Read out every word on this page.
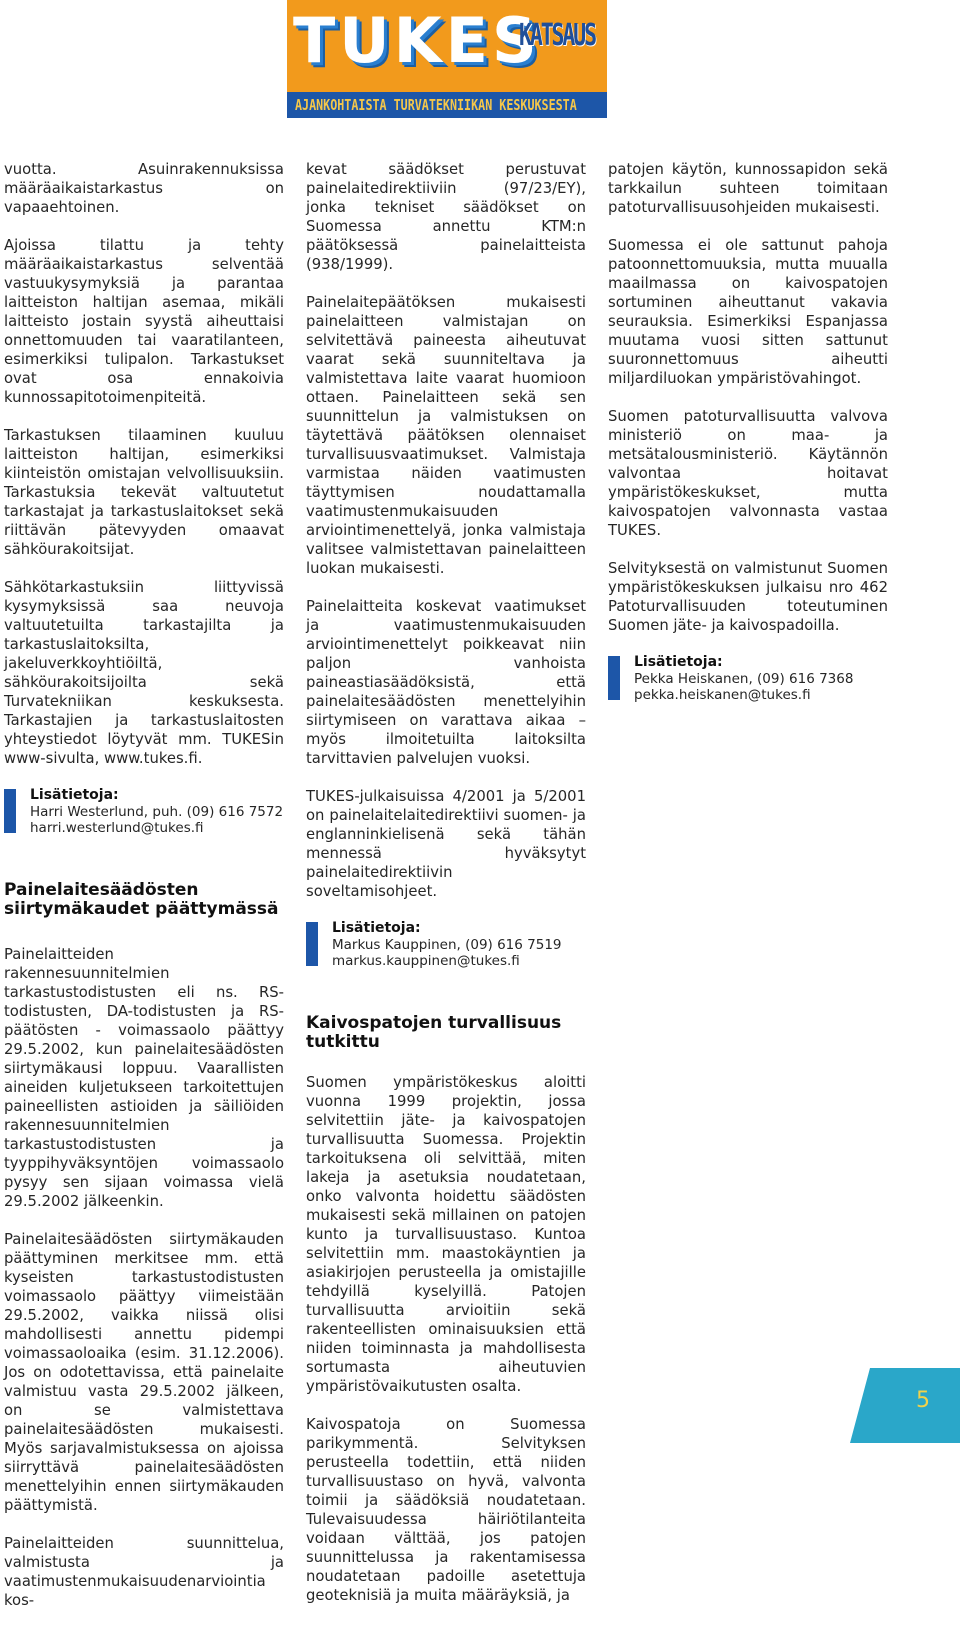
TUKES
KATSAUS
AJANKOHTAISTA TURVATEKNIIKAN KESKUKSESTA

vuotta. Asuinrakennuksissa määräaikaistarkastus on vapaaehtoinen.

Ajoissa tilattu ja tehty määräaikaistarkastus selventää vastuukysymyksiä ja parantaa laitteiston haltijan asemaa, mikäli laitteisto jostain syystä aiheuttaisi onnettomuuden tai vaaratilanteen, esimerkiksi tulipalon. Tarkastukset ovat osa ennakoivia kunnossapitotoimenpiteitä.

Tarkastuksen tilaaminen kuuluu laitteiston haltijan, esimerkiksi kiinteistön omistajan velvollisuuksiin. Tarkastuksia tekevät valtuutetut tarkastajat ja tarkastuslaitokset sekä riittävän pätevyyden omaavat sähköurakoitsijat.

Sähkötarkastuksiin liittyvissä kysymyksissä saa neuvoja valtuutetuilta tarkastajilta ja tarkastuslaitoksilta, jakeluverkkoyhtiöiltä, sähköurakoitsijoilta sekä Turvatekniikan keskuksesta. Tarkastajien ja tarkastuslaitosten yhteystiedot löytyvät mm. TUKESin www-sivulta, www.tukes.fi.

Lisätietoja:
Harri Westerlund, puh. (09) 616 7572
harri.westerlund@tukes.fi
Painelaitesäädösten siirtymäkaudet päättymässä

Painelaitteiden rakennesuunnitelmien tarkastustodistusten eli ns. RS-todistusten, DA-todistusten ja RS-päätösten - voimassaolo päättyy 29.5.2002, kun painelaitesäädösten siirtymäkausi loppuu. Vaarallisten aineiden kuljetukseen tarkoitettujen paineellisten astioiden ja säiliöiden rakennesuunnitelmien tarkastustodistusten ja tyyppihyväksyntöjen voimassaolo pysyy sen sijaan voimassa vielä 29.5.2002 jälkeenkin.

Painelaitesäädösten siirtymäkauden päättyminen merkitsee mm. että kyseisten tarkastustodistusten voimassaolo päättyy viimeistään 29.5.2002, vaikka niissä olisi mahdollisesti annettu pidempi voimassaoloaika (esim. 31.12.2006). Jos on odotettavissa, että painelaite valmistuu vasta 29.5.2002 jälkeen, on se valmistettava painelaitesäädösten mukaisesti. Myös sarjavalmistuksessa on ajoissa siirryttävä painelaitesäädösten menettelyihin ennen siirtymäkauden päättymistä.

Painelaitteiden suunnittelua, valmistusta ja vaatimustenmukaisuudenarviointia kos-

kevat säädökset perustuvat painelaitedirektiiviin (97/23/EY), jonka tekniset säädökset on Suomessa annettu KTM:n päätöksessä painelaitteista (938/1999).

Painelaitepäätöksen mukaisesti painelaitteen valmistajan on selvitettävä paineesta aiheutuvat vaarat sekä suunniteltava ja valmistettava laite vaarat huomioon ottaen. Painelaitteen sekä sen suunnittelun ja valmistuksen on täytettävä päätöksen olennaiset turvallisuusvaatimukset. Valmistaja varmistaa näiden vaatimusten täyttymisen noudattamalla vaatimustenmukaisuuden arviointimenettelyä, jonka valmistaja valitsee valmistettavan painelaitteen luokan mukaisesti.

Painelaitteita koskevat vaatimukset ja vaatimustenmukaisuuden arviointimenettelyt poikkeavat niin paljon vanhoista paineastiasäädöksistä, että painelaitesäädösten menettelyihin siirtymiseen on varattava aikaa – myös ilmoitetuilta laitoksilta tarvittavien palvelujen vuoksi.

TUKES-julkaisuissa 4/2001 ja 5/2001 on painelaitelaitedirektiivi suomen- ja englanninkielisenä sekä tähän mennessä hyväksytyt painelaitedirektiivin soveltamisohjeet.

Lisätietoja:
Markus Kauppinen, (09) 616 7519
markus.kauppinen@tukes.fi
Kaivospatojen turvallisuus tutkittu

Suomen ympäristökeskus aloitti vuonna 1999 projektin, jossa selvitettiin jäte- ja kaivospatojen turvallisuutta Suomessa. Projektin tarkoituksena oli selvittää, miten lakeja ja asetuksia noudatetaan, onko valvonta hoidettu säädösten mukaisesti sekä millainen on patojen kunto ja turvallisuustaso. Kuntoa selvitettiin mm. maastokäyntien ja asiakirjojen perusteella ja omistajille tehdyillä kyselyillä. Patojen turvallisuutta arvioitiin sekä rakenteellisten ominaisuuksien että niiden toiminnasta ja mahdollisesta sortumasta aiheutuvien ympäristövaikutusten osalta.

Kaivospatoja on Suomessa parikymmentä. Selvityksen perusteella todettiin, että niiden turvallisuustaso on hyvä, valvonta toimii ja säädöksiä noudatetaan. Tulevaisuudessa häiriötilanteita voidaan välttää, jos patojen suunnittelussa ja rakentamisessa noudatetaan padoille asetettuja geoteknisiä ja muita määräyksiä, ja

patojen käytön, kunnossapidon sekä tarkkailun suhteen toimitaan patoturvallisuusohjeiden mukaisesti.

Suomessa ei ole sattunut pahoja patoonnettomuuksia, mutta muualla maailmassa on kaivospatojen sortuminen aiheuttanut vakavia seurauksia. Esimerkiksi Espanjassa muutama vuosi sitten sattunut suuronnettomuus aiheutti miljardiluokan ympäristövahingot.

Suomen patoturvallisuutta valvova ministeriö on maa- ja metsätalousministeriö. Käytännön valvontaa hoitavat ympäristökeskukset, mutta kaivospatojen valvonnasta vastaa TUKES.

Selvityksestä on valmistunut Suomen ympäristökeskuksen julkaisu nro 462 Patoturvallisuuden toteutuminen Suomen jäte- ja kaivospadoilla.

Lisätietoja:
Pekka Heiskanen, (09) 616 7368
pekka.heiskanen@tukes.fi
5
